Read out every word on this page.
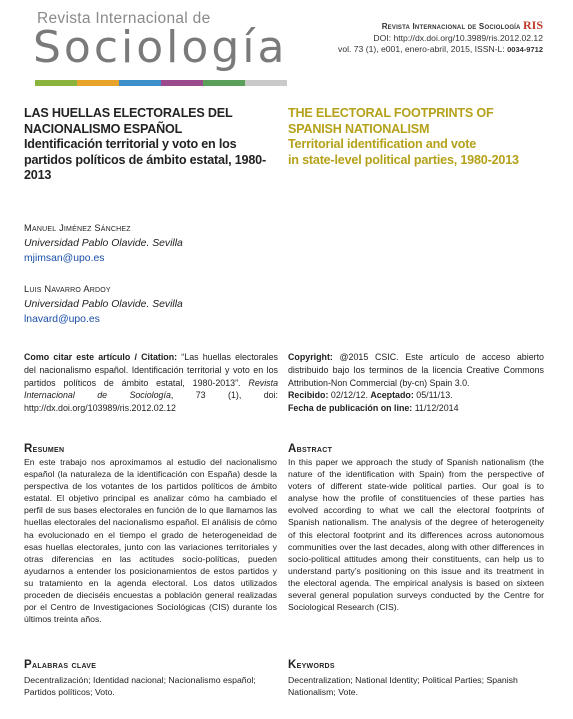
Revista Internacional de
Sociología	Revista Internacional de Sociología RIS
DOI: http://dx.doi.org/10.3989/ris.2012.02.12
vol. 73 (1), e001, enero-abril, 2015, ISSN-L: 0034-9712
LAS HUELLAS ELECTORALES DEL
NACIONALISMO ESPAÑOL
Identificación territorial y voto en los partidos políticos de ámbito estatal, 1980-2013
THE ELECTORAL FOOTPRINTS OF
SPANISH NATIONALISM
Territorial identification and vote
in state-level political parties, 1980-2013
Manuel Jiménez Sánchez
Universidad Pablo Olavide. Sevilla
mjimsan@upo.es
Luis Navarro Ardoy
Universidad Pablo Olavide. Sevilla
lnavard@upo.es
Como citar este artículo / Citation: “Las huellas electorales del nacionalismo español. Identificación territorial y voto en los partidos políticos de ámbito estatal, 1980-2013”. Revista Internacional de Sociología, 73 (1), doi: http://dx.doi.org/103989/ris.2012.02.12
Copyright: @2015 CSIC. Este artículo de acceso abierto distribuido bajo los terminos de la licencia Creative Commons Attribution-Non Commercial (by-cn) Spain 3.0.
Recibido: 02/12/12. Aceptado: 05/11/13.
Fecha de publicación on line: 11/12/2014
Resumen
En este trabajo nos aproximamos al estudio del nacionalismo español (la naturaleza de la identificación con España) desde la perspectiva de los votantes de los partidos políticos de ámbito estatal. El objetivo principal es analizar cómo ha cambiado el perfil de sus bases electorales en función de lo que llamamos las huellas electorales del nacionalismo español. El análisis de cómo ha evolucionado en el tiempo el grado de heterogeneidad de esas huellas electorales, junto con las variaciones territoriales y otras diferencias en las actitudes socio-políticas, pueden ayudarnos a entender los posicionamientos de estos partidos y su tratamiento en la agenda electoral. Los datos utilizados proceden de dieciséis encuestas a población general realizadas por el Centro de Investigaciones Sociológicas (CIS) durante los últimos treinta años.
Abstract
In this paper we approach the study of Spanish nationalism (the nature of the identification with Spain) from the perspective of voters of different state-wide political parties. Our goal is to analyse how the profile of constituencies of these parties has evolved according to what we call the electoral footprints of Spanish nationalism. The analysis of the degree of heterogeneity of this electoral footprint and its differences across autonomous communities over the last decades, along with other differences in socio-political attitudes among their constituents, can help us to understand party’s positioning on this issue and its treatment in the electoral agenda. The empirical analysis is based on sixteen several general population surveys conducted by the Centre for Sociological Research (CIS).
Palabras clave
Decentralización; Identidad nacional; Nacionalismo español; Partidos políticos; Voto.
Keywords
Decentralization; National Identity; Political Parties; Spanish Nationalism; Vote.
